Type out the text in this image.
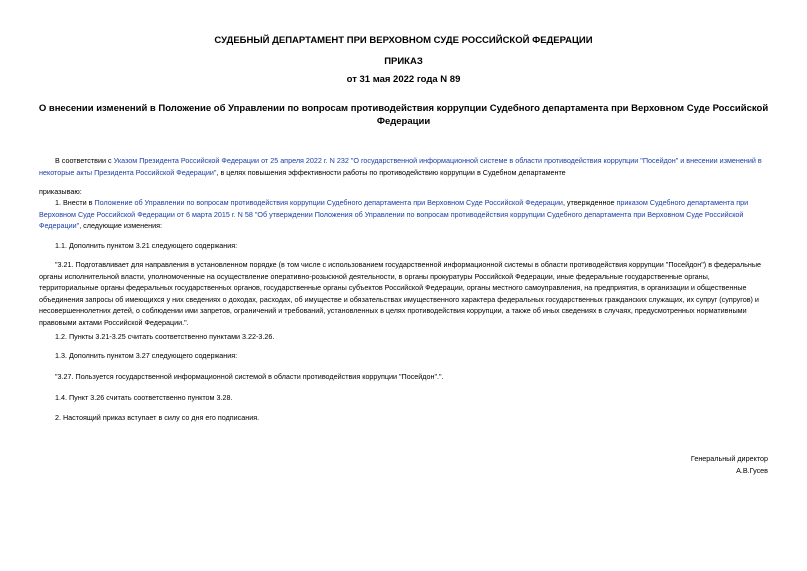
СУДЕБНЫЙ ДЕПАРТАМЕНТ ПРИ ВЕРХОВНОМ СУДЕ РОССИЙСКОЙ ФЕДЕРАЦИИ
ПРИКАЗ
от 31 мая 2022 года N 89
О внесении изменений в Положение об Управлении по вопросам противодействия коррупции Судебного департамента при Верховном Суде Российской
Федерации
В соответствии с Указом Президента Российской Федерации от 25 апреля 2022 г. N 232 "О государственной информационной системе в области противодействия коррупции "Посейдон" и внесении изменений в
некоторые акты Президента Российской Федерации", в целях повышения эффективности работы по противодействию коррупции в Судебном департаменте
приказываю:
1. Внести в Положение об Управлении по вопросам противодействия коррупции Судебного департамента при Верховном Суде Российской Федерации, утвержденное приказом Судебного департамента при
Верховном Суде Российской Федерации от 6 марта 2015 г. N 58 "Об утверждении Положения об Управлении по вопросам противодействия коррупции Судебного департамента при Верховном Суде Российской
Федерации", следующие изменения:
1.1. Дополнить пунктом 3.21 следующего содержания:
"3.21. Подготавливает для направления в установленном порядке (в том числе с использованием государственной информационной системы в области противодействия коррупции "Посейдон") в федеральные
органы исполнительной власти, уполномоченные на осуществление оперативно-розыскной деятельности, в органы прокуратуры Российской Федерации, иные федеральные государственные органы,
территориальные органы федеральных государственных органов, государственные органы субъектов Российской Федерации, органы местного самоуправления, на предприятия, в организации и общественные
объединения запросы об имеющихся у них сведениях о доходах, расходах, об имуществе и обязательствах имущественного характера федеральных государственных гражданских служащих, их супруг (супругов) и
несовершеннолетних детей, о соблюдении ими запретов, ограничений и требований, установленных в целях противодействия коррупции, а также об иных сведениях в случаях, предусмотренных нормативными
правовыми актами Российской Федерации.".
1.2. Пункты 3.21-3.25 считать соответственно пунктами 3.22-3.26.
1.3. Дополнить пунктом 3.27 следующего содержания:
"3.27. Пользуется государственной информационной системой в области противодействия коррупции "Посейдон".".
1.4. Пункт 3.26 считать соответственно пунктом 3.28.
2. Настоящий приказ вступает в силу со дня его подписания.
Генеральный директор
А.В.Гусев
